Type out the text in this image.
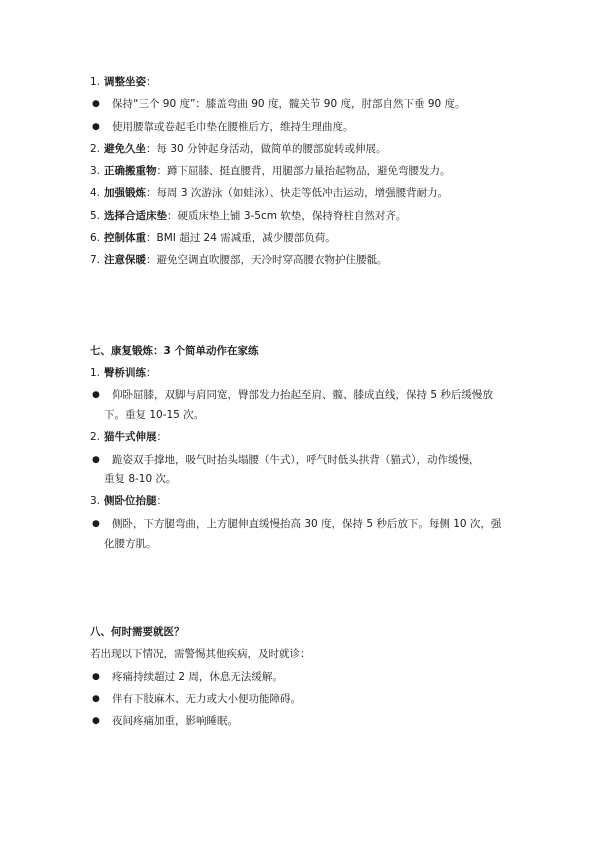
1. 调整坐姿：
● 保持“三个 90 度”：膝盖弯曲 90 度，髋关节 90 度，肘部自然下垂 90 度。
● 使用腰靠或卷起毛巾垫在腰椎后方，维持生理曲度。
2. 避免久坐：每 30 分钟起身活动，做简单的腰部旋转或伸展。
3. 正确搬重物：蹲下屈膝、挺直腰背，用腿部力量抬起物品，避免弯腰发力。
4. 加强锻炼：每周 3 次游泳（如蛙泳）、快走等低冲击运动，增强腰背耐力。
5. 选择合适床垫：硬质床垫上铺 3-5cm 软垫，保持脊柱自然对齐。
6. 控制体重：BMI 超过 24 需减重，减少腰部负荷。
7. 注意保暖：避免空调直吹腰部，天冷时穿高腰衣物护住腰骶。
七、康复锻炼：3 个简单动作在家练
1. 臀桥训练：
● 仰卧屈膝，双脚与肩同宽，臀部发力抬起至肩、髋、膝成直线，保持 5 秒后缓慢放
下。重复 10-15 次。
2. 猫牛式伸展：
● 跪姿双手撑地，吸气时抬头塌腰（牛式），呼气时低头拱背（猫式），动作缓慢，
重复 8-10 次。
3. 侧卧位抬腿：
● 侧卧，下方腿弯曲，上方腿伸直缓慢抬高 30 度，保持 5 秒后放下。每侧 10 次，强
化腰方肌。
八、何时需要就医？
若出现以下情况，需警惕其他疾病，及时就诊：
● 疼痛持续超过 2 周，休息无法缓解。
● 伴有下肢麻木、无力或大小便功能障碍。
● 夜间疼痛加重，影响睡眠。
